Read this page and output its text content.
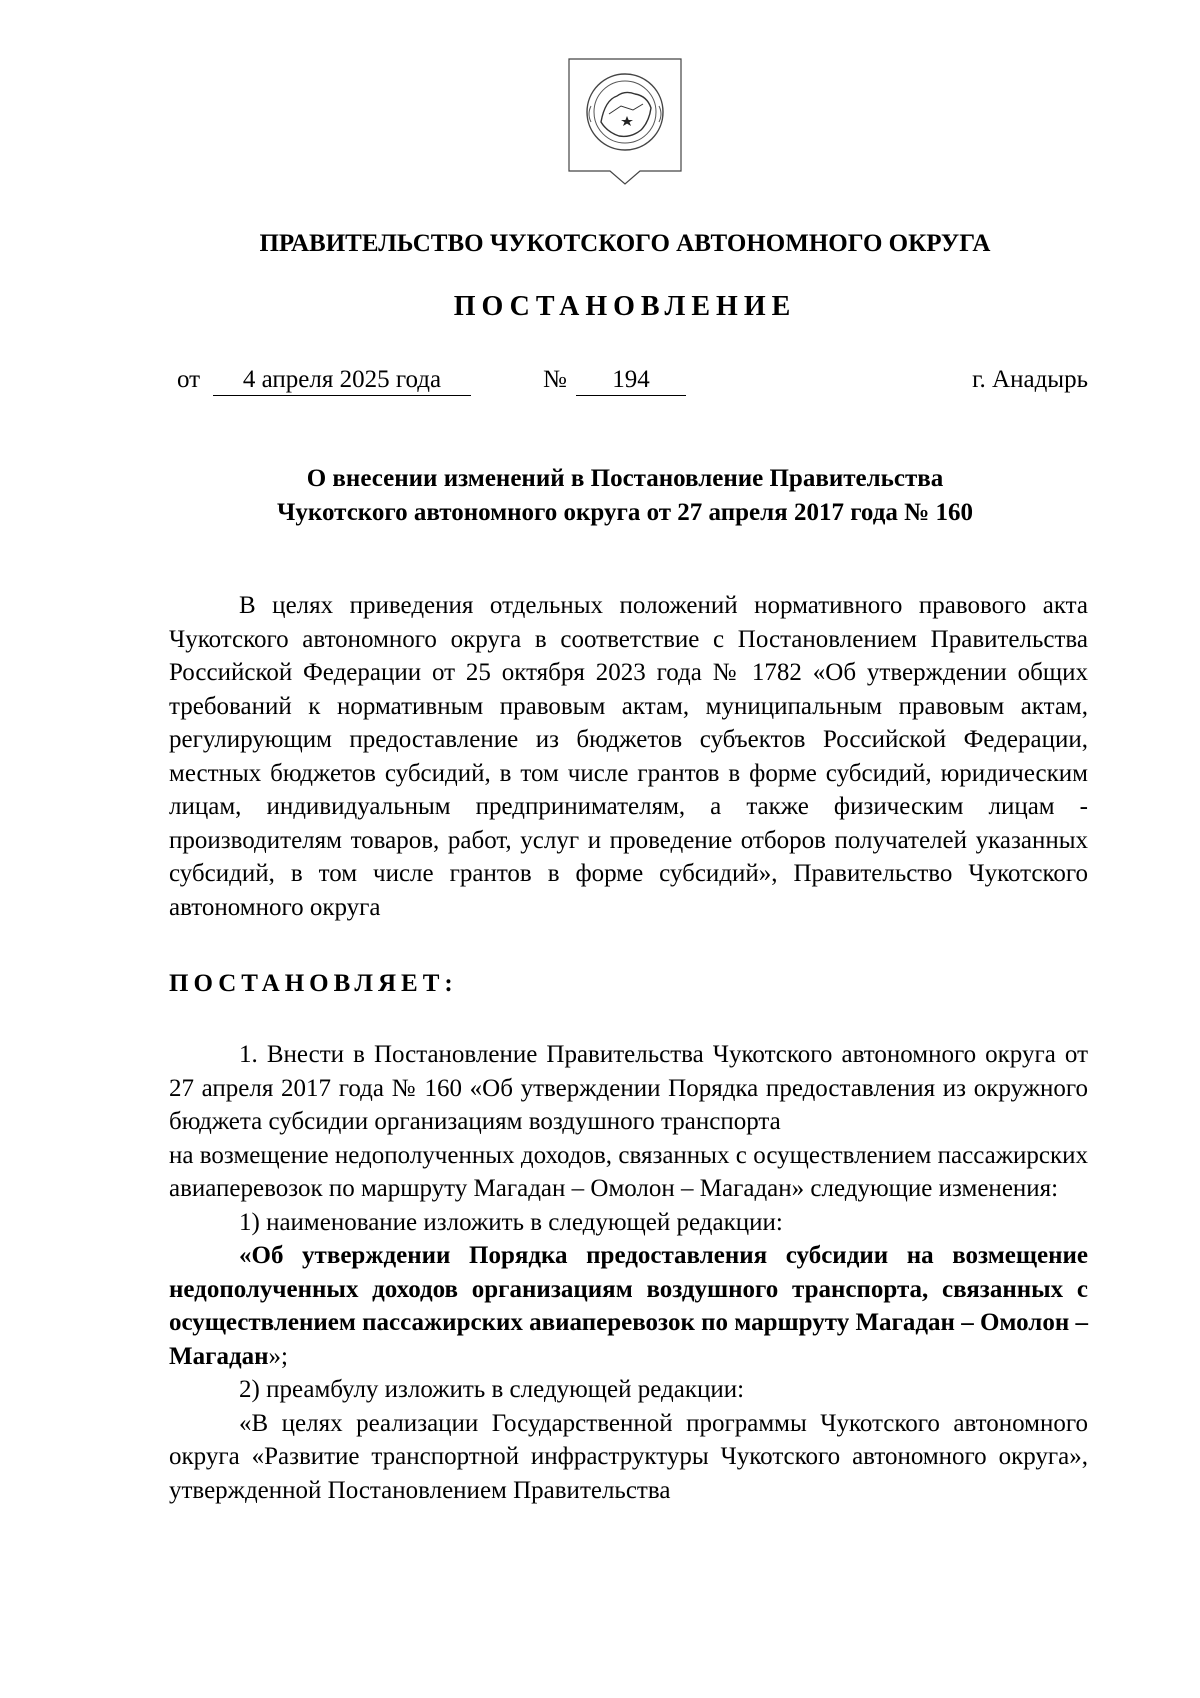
ПРАВИТЕЛЬСТВО ЧУКОТСКОГО АВТОНОМНОГО ОКРУГА
ПОСТАНОВЛЕНИЕ
от	4 апреля 2025 года	№	194	г. Анадырь
О внесении изменений в Постановление Правительства
Чукотского автономного округа от 27 апреля 2017 года № 160

В целях приведения отдельных положений нормативного правового акта Чукотского автономного округа в соответствие с Постановлением Правительства Российской Федерации от 25 октября 2023 года № 1782 «Об утверждении общих требований к нормативным правовым актам, муниципальным правовым актам, регулирующим предоставление из бюджетов субъектов Российской Федерации, местных бюджетов субсидий, в том числе грантов в форме субсидий, юридическим лицам, индивидуальным предпринимателям, а также физическим лицам - производителям товаров, работ, услуг и проведение отборов получателей указанных субсидий, в том числе грантов в форме субсидий», Правительство Чукотского автономного округа

ПОСТАНОВЛЯЕТ:

1. Внести в Постановление Правительства Чукотского автономного округа от 27 апреля 2017 года № 160 «Об утверждении Порядка предоставления из окружного бюджета субсидии организациям воздушного транспорта

на возмещение недополученных доходов, связанных с осуществлением пассажирских авиаперевозок по маршруту Магадан – Омолон – Магадан» следующие изменения:

1) наименование изложить в следующей редакции:

«Об утверждении Порядка предоставления субсидии на возмещение недополученных доходов организациям воздушного транспорта, связанных с осуществлением пассажирских авиаперевозок по маршруту Магадан – Омолон – Магадан»;

2) преамбулу изложить в следующей редакции:

«В целях реализации Государственной программы Чукотского автономного округа «Развитие транспортной инфраструктуры Чукотского автономного округа», утвержденной Постановлением Правительства
